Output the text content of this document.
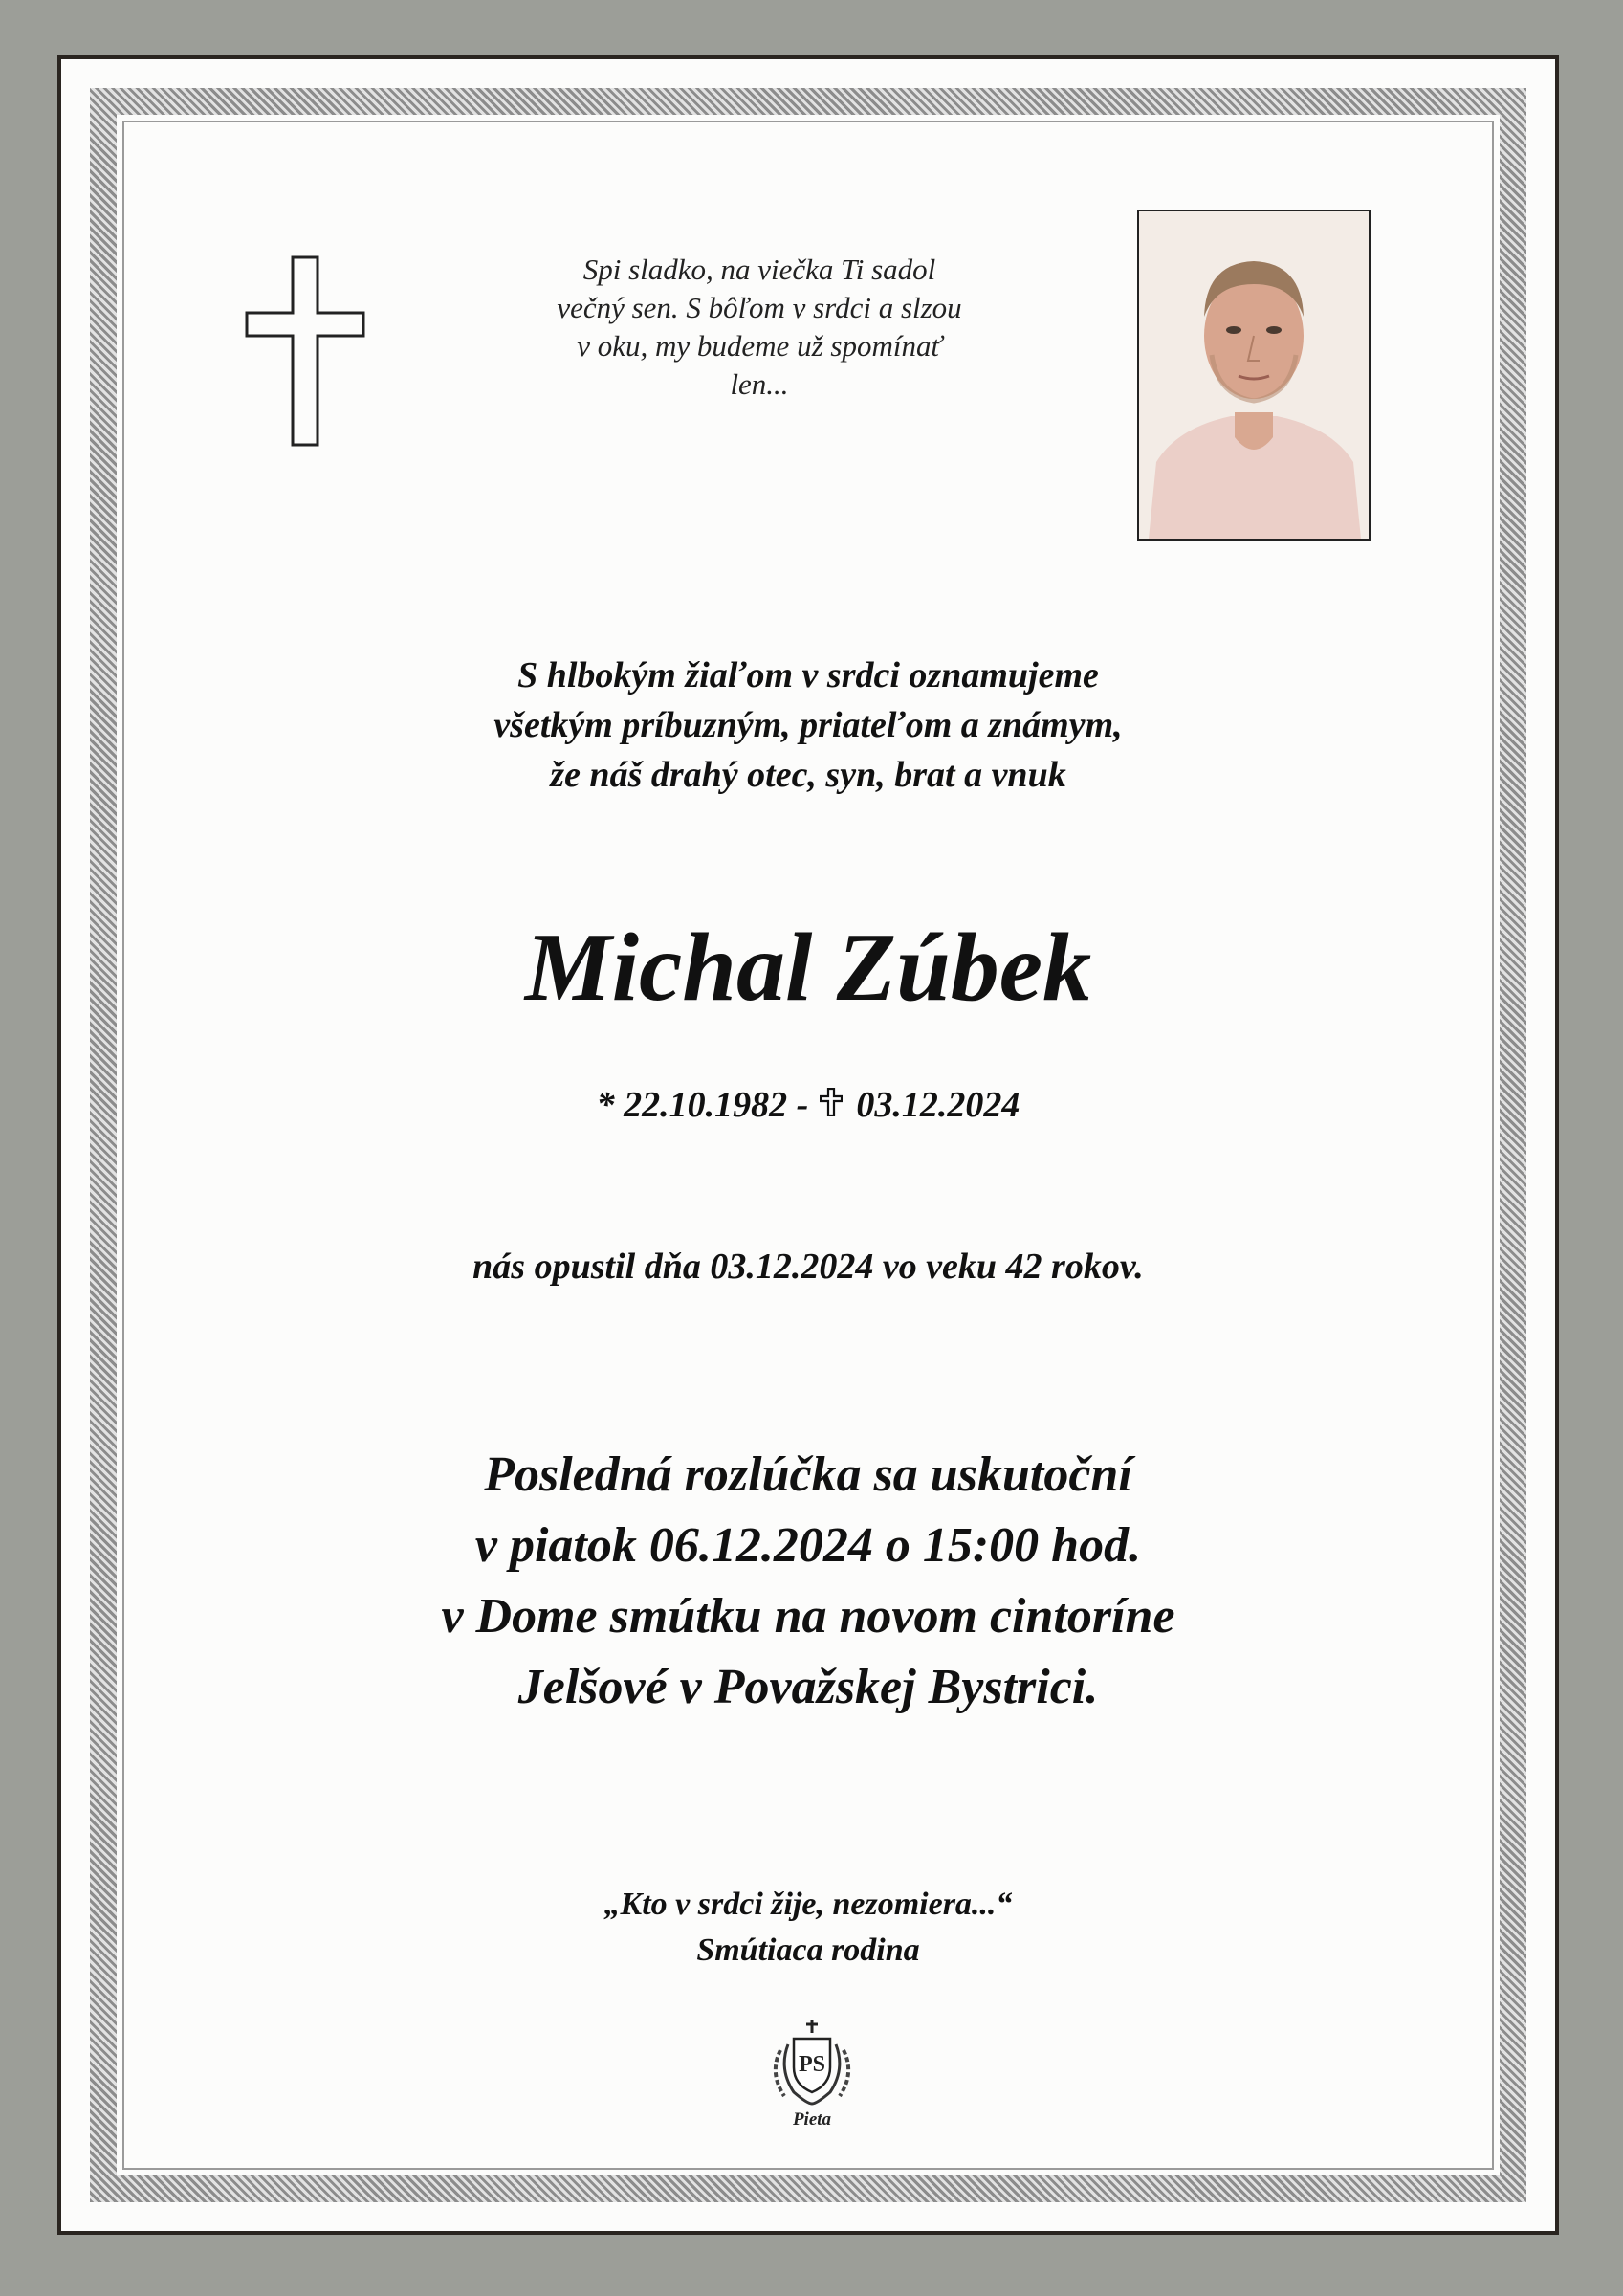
Spi sladko, na viečka Ti sadol
večný sen. S bôľom v srdci a slzou
v oku, my budeme už spomínať
len...
S hlbokým žiaľom v srdci oznamujeme
všetkým príbuzným, priateľom a známym,
že náš drahý otec, syn, brat a vnuk
Michal Zúbek
* 22.10.1982 - 03.12.2024
nás opustil dňa 03.12.2024 vo veku 42 rokov.
Posledná rozlúčka sa uskutoční
v piatok 06.12.2024 o 15:00 hod.
v Dome smútku na novom cintoríne
Jelšové v Považskej Bystrici.
„Kto v srdci žije, nezomiera...“
Smútiaca rodina
PS
Pieta
